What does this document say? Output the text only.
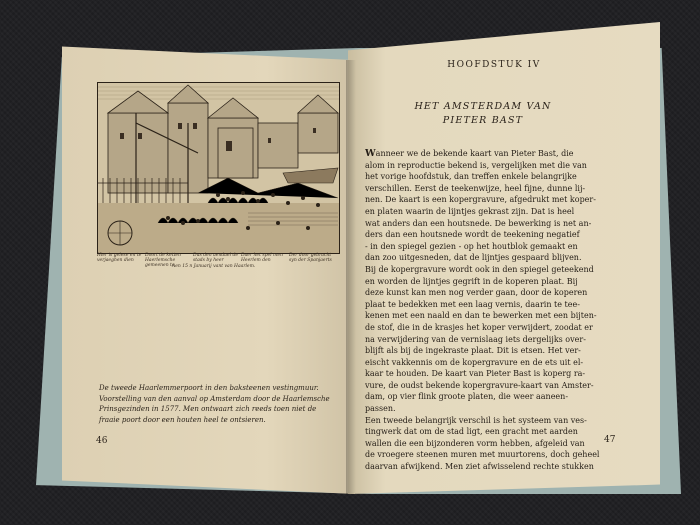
Hier is gelese en te verjaeghen dien
Doort de ketten Haerlemsche gemeenen te
Dus den aendael de stads by heer
Daer het spel men Heerlem den
Der door gebracht syn der Spanjaerts
Aen 15 n Januarij vant van Haarlem.
De tweede Haarlemmerpoort in den baksteenen vestingmuur. Voorstelling van den aanval op Amsterdam door de Haarlemsche Prinsgezinden in 1577. Men ontwaart zich reeds toen niet de fraaie poort door een houten heel te ontsieren.
46
HOOFDSTUK IV
HET AMSTERDAM VAN
PIETER BAST
Wanneer we de bekende kaart van Pieter Bast, die
alom in reproductie bekend is, vergelijken met die van
het vorige hoofdstuk, dan treffen enkele belangrijke
verschillen. Eerst de teekenwijze, heel fijne, dunne lij-
nen. De kaart is een kopergravure, afgedrukt met koper-
en platen waarin de lijntjes gekrast zijn. Dat is heel
wat anders dan een houtsnede. De bewerking is net an-
ders dan een houtsnede wordt de teekening negatief
- in den spiegel gezien - op het houtblok gemaakt en
dan zoo uitgesneden, dat de lijntjes gespaard blijven.
Bij de kopergravure wordt ook in den spiegel geteekend
en worden de lijntjes gegrift in de koperen plaat. Bij
deze kunst kan men nog verder gaan, door de koperen
plaat te bedekken met een laag vernis, daarin te tee-
kenen met een naald en dan te bewerken met een bijten-
de stof, die in de krasjes het koper verwijdert, zoodat er
na verwijdering van de vernislaag iets dergelijks over-
blijft als bij de ingekraste plaat. Dit is etsen. Het ver-
eischt vakkennis om de kopergravure en de ets uit el-
kaar te houden. De kaart van Pieter Bast is koperg ra-
vure, de oudst bekende kopergravure-kaart van Amster-
dam, op vier flink groote platen, die weer aaneen-
passen.
Een tweede belangrijk verschil is het systeem van ves-
tingwerk dat om de stad ligt, een gracht met aarden
wallen die een bijzonderen vorm hebben, afgeleid van
de vroegere steenen muren met muurtorens, doch geheel
daarvan afwijkend. Men ziet afwisselend rechte stukken
47
